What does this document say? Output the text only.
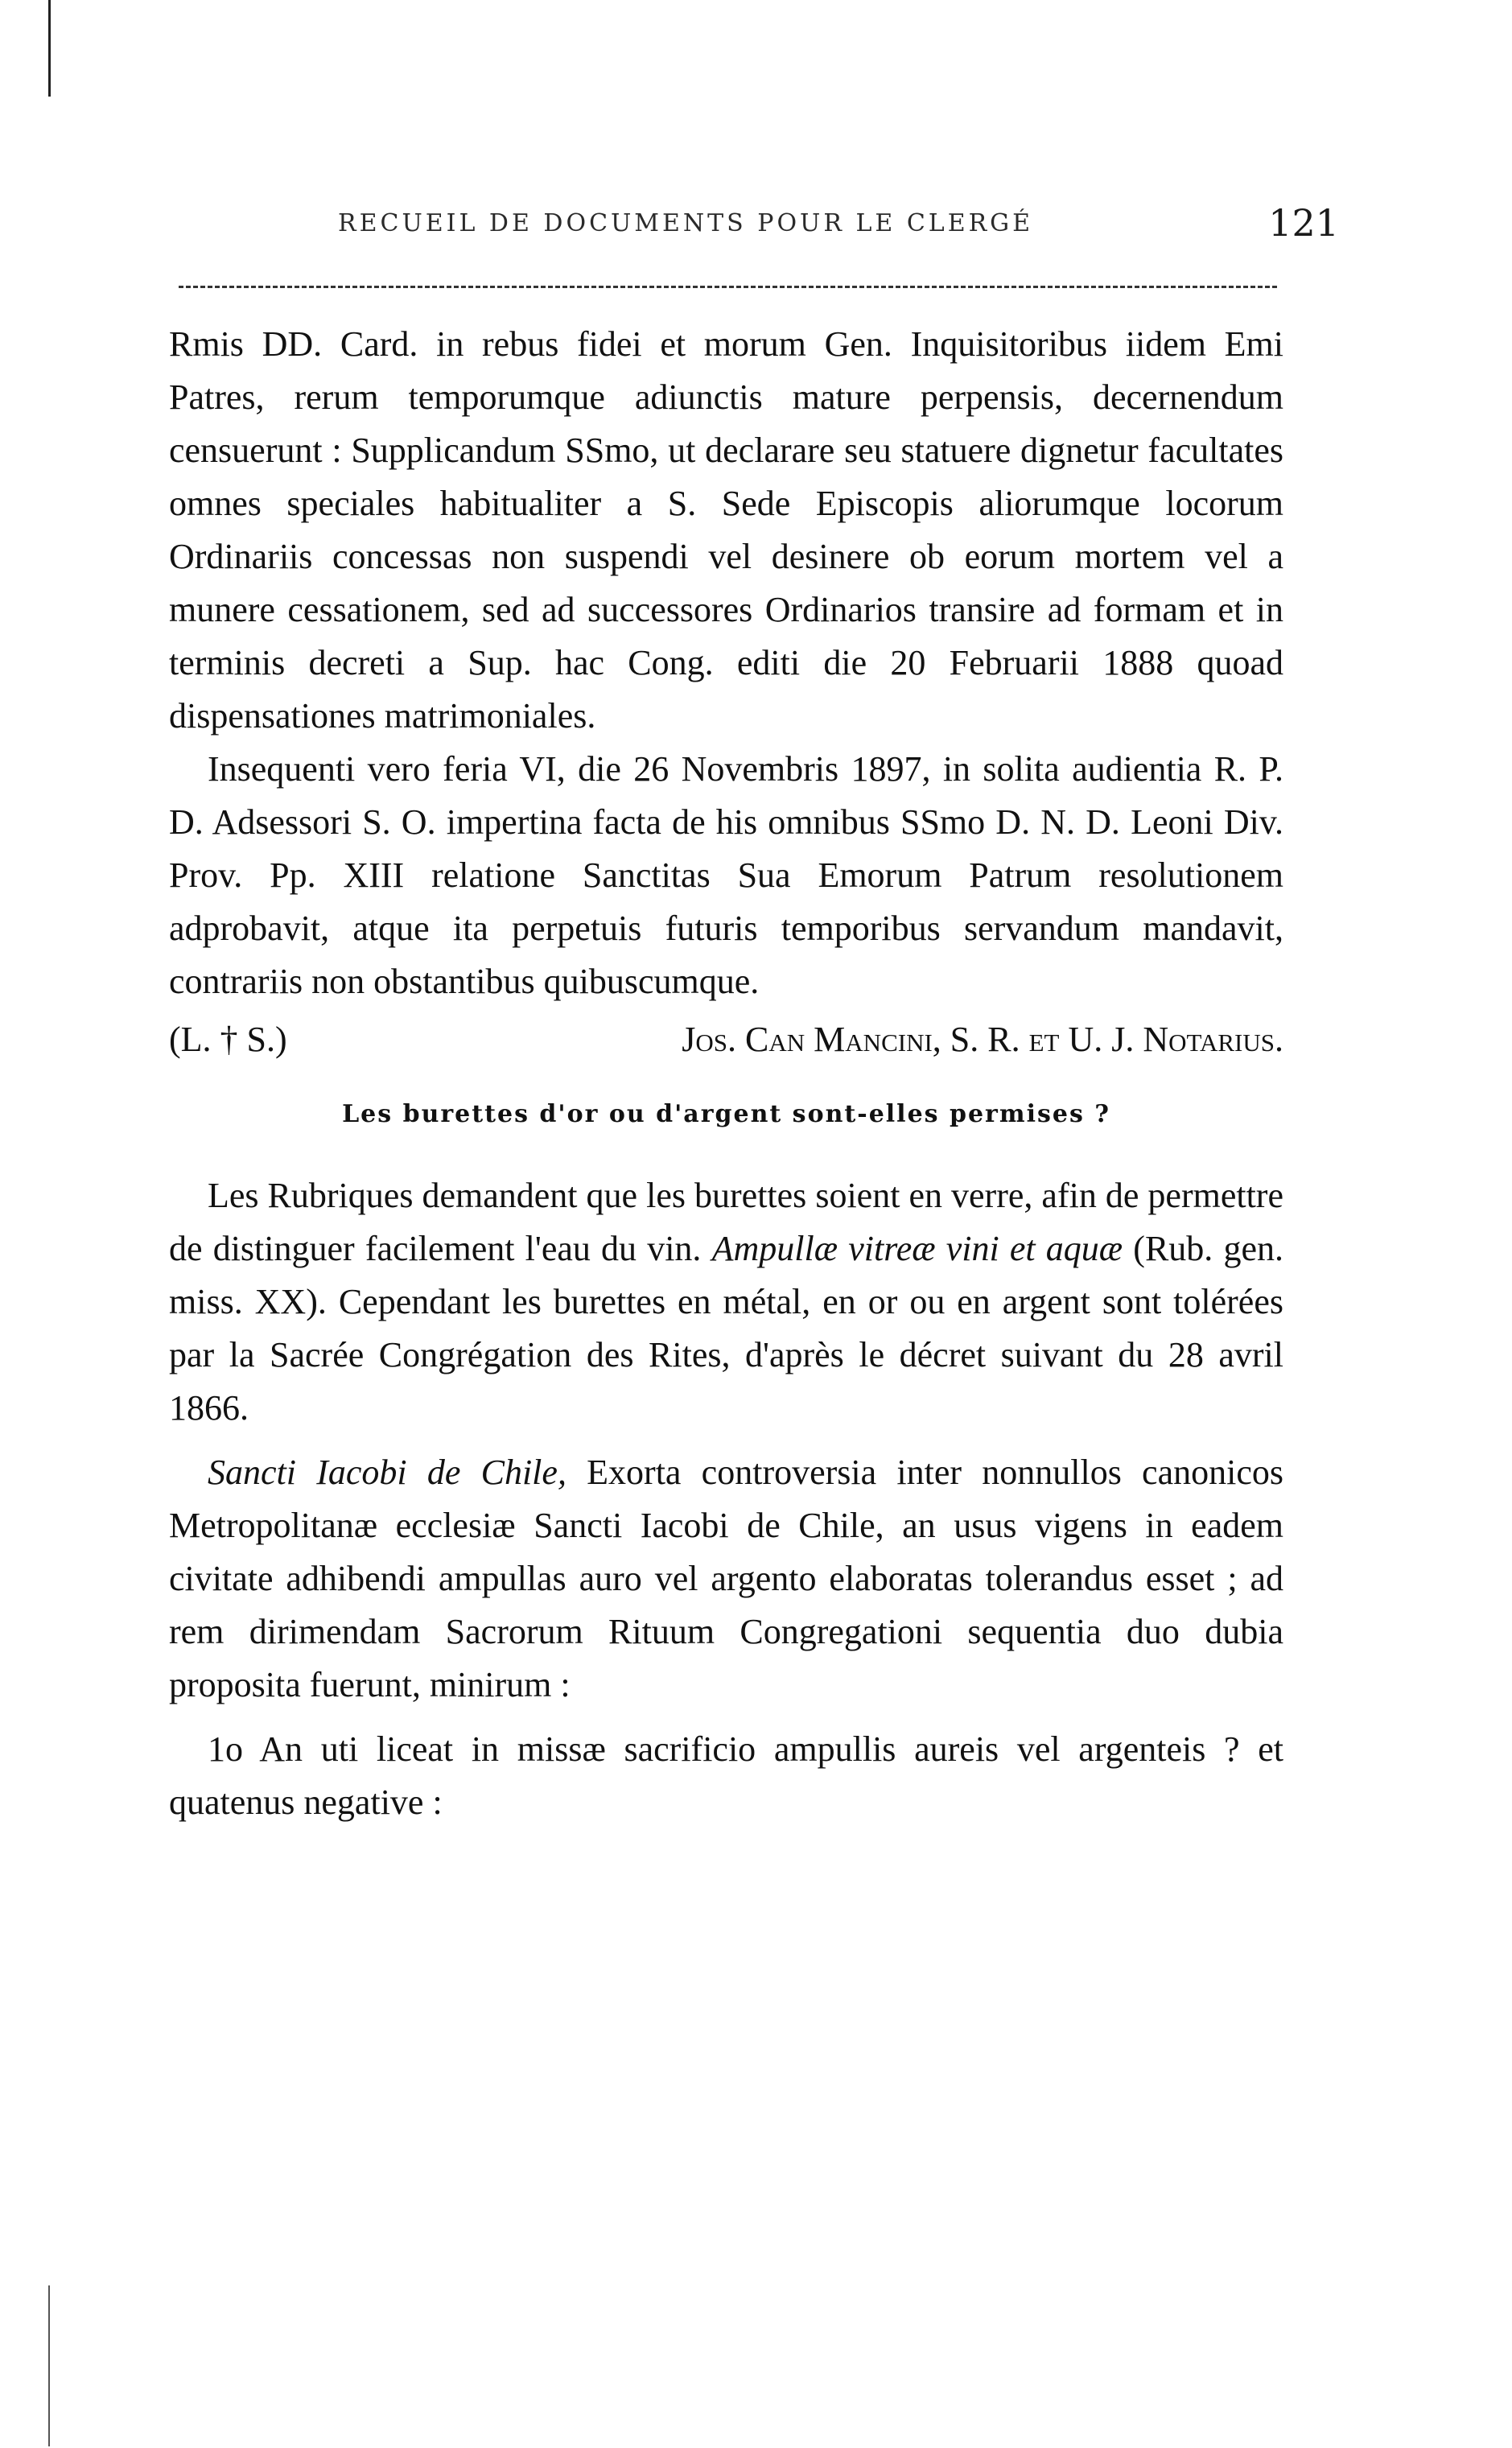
RECUEIL DE DOCUMENTS POUR LE CLERGÉ	121

Rmis DD. Card. in rebus fidei et morum Gen. Inquisitoribus iidem Emi Patres, rerum temporumque adiunctis mature perpensis, decernendum censuerunt : Supplicandum SSmo, ut declarare seu statuere dignetur facultates omnes speciales habitualiter a S. Sede Episcopis aliorumque locorum Ordinariis concessas non suspendi vel desinere ob eorum mortem vel a munere cessationem, sed ad successores Ordinarios transire ad formam et in terminis decreti a Sup. hac Cong. editi die 20 Februarii 1888 quoad dispensationes matrimoniales.

Insequenti vero feria VI, die 26 Novembris 1897, in solita audientia R. P. D. Adsessori S. O. impertina facta de his omnibus SSmo D. N. D. Leoni Div. Prov. Pp. XIII relatione Sanctitas Sua Emorum Patrum resolutionem adprobavit, atque ita perpetuis futuris temporibus servandum mandavit, contrariis non obstantibus quibuscumque.

(L. † S.)	Jos. Can Mancini, S. R. et U. J. Notarius.
Les burettes d'or ou d'argent sont-elles permises ?

Les Rubriques demandent que les burettes soient en verre, afin de permettre de distinguer facilement l'eau du vin. Ampullæ vitreæ vini et aquæ (Rub. gen. miss. XX). Cependant les burettes en métal, en or ou en argent sont tolérées par la Sacrée Congrégation des Rites, d'après le décret suivant du 28 avril 1866.

Sancti Iacobi de Chile, Exorta controversia inter nonnullos canonicos Metropolitanæ ecclesiæ Sancti Iacobi de Chile, an usus vigens in eadem civitate adhibendi ampullas auro vel argento elaboratas tolerandus esset ; ad rem dirimendam Sacrorum Rituum Congregationi sequentia duo dubia proposita fuerunt, minirum :

1o An uti liceat in missæ sacrificio ampullis aureis vel argenteis ? et quatenus negative :
